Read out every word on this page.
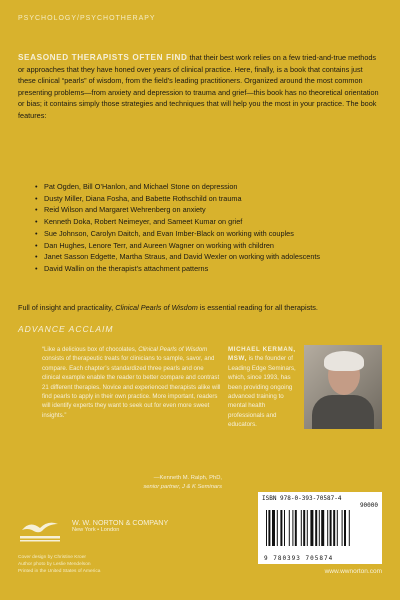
PSYCHOLOGY/PSYCHOTHERAPY
SEASONED THERAPISTS OFTEN FIND that their best work relies on a few tried-and-true methods or approaches that they have honed over years of clinical practice. Here, finally, is a book that contains just these clinical “pearls” of wisdom, from the field’s leading practitioners. Organized around the most common presenting problems—from anxiety and depression to trauma and grief—this book has no theoretical orientation or bias; it contains simply those strategies and techniques that will help you the most in your practice. The book features:
• Pat Ogden, Bill O’Hanlon, and Michael Stone on depression
• Dusty Miller, Diana Fosha, and Babette Rothschild on trauma
• Reid Wilson and Margaret Wehrenberg on anxiety
• Kenneth Doka, Robert Neimeyer, and Sameet Kumar on grief
• Sue Johnson, Carolyn Daitch, and Evan Imber-Black on working with couples
• Dan Hughes, Lenore Terr, and Aureen Wagner on working with children
• Janet Sasson Edgette, Martha Straus, and David Wexler on working with adolescents
• David Wallin on the therapist’s attachment patterns
Full of insight and practicality, Clinical Pearls of Wisdom is essential reading for all therapists.
ADVANCE ACCLAIM
“Like a delicious box of chocolates, Clinical Pearls of Wisdom consists of therapeutic treats for clinicians to sample, savor, and compare. Each chapter’s standardized three pearls and one clinical example enable the reader to better compare and contrast 21 different therapies. Novice and experienced therapists alike will find pearls to apply in their own practice. More important, readers will identify experts they want to seek out for even more sweet insights.”
—Kenneth M. Ralph, PhD,
senior partner, J & K Seminars
MICHAEL KERMAN, MSW, is the founder of Leading Edge Seminars, which, since 1993, has been providing ongoing advanced training to mental health professionals and educators.
W. W. NORTON & COMPANY
New York • London
Cover design by Christine Kroer
Author photo by Leslie Mendelson
Printed in the United States of America
ISBN 978-0-393-70587-4
90000
9 780393 705874
www.wwnorton.com
